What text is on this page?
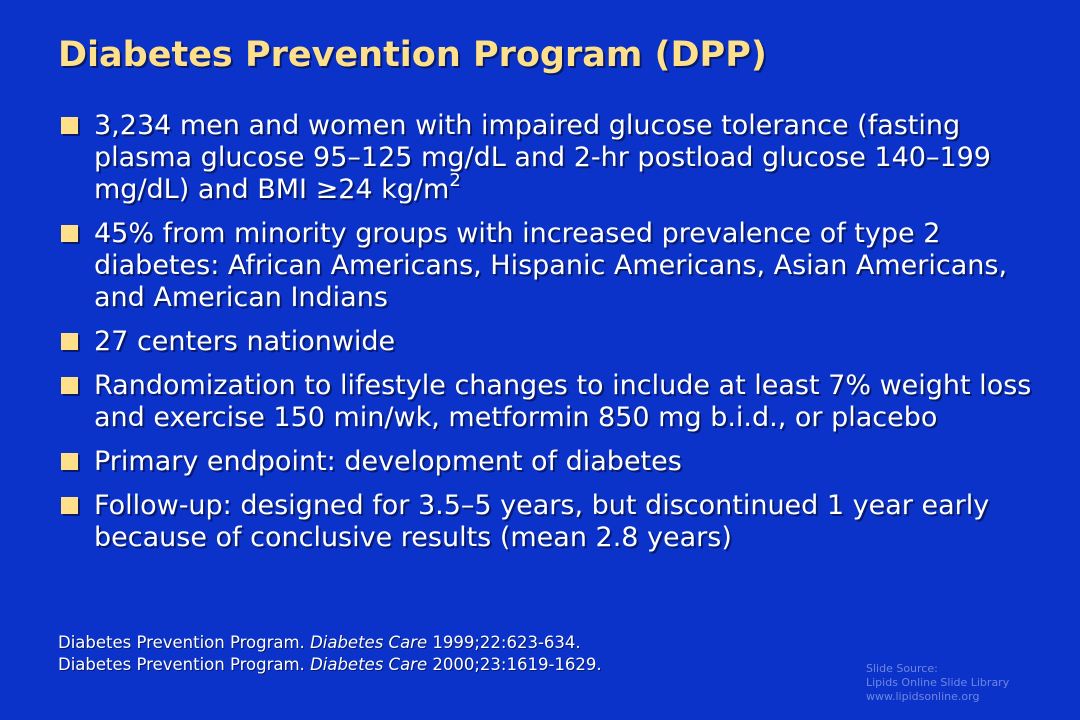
Diabetes Prevention Program (DPP)
3,234 men and women with impaired glucose tolerance (fasting plasma glucose 95–125 mg/dL and 2-hr postload glucose 140–199 mg/dL) and BMI ≥24 $kg/m^2$
45% from minority groups with increased prevalence of type 2 diabetes: African Americans, Hispanic Americans, Asian Americans, and American Indians
27 centers nationwide
Randomization to lifestyle changes to include at least 7% weight loss and exercise 150 min/wk, metformin 850 mg b.i.d., or placebo
Primary endpoint: development of diabetes
Follow-up: designed for 3.5–5 years, but discontinued 1 year early because of conclusive results (mean 2.8 years)
Diabetes Prevention Program. Diabetes Care 1999;22:623-634.
Diabetes Prevention Program. Diabetes Care 2000;23:1619-1629.	Slide Source:
Lipids Online Slide Library
www.lipidsonline.org
